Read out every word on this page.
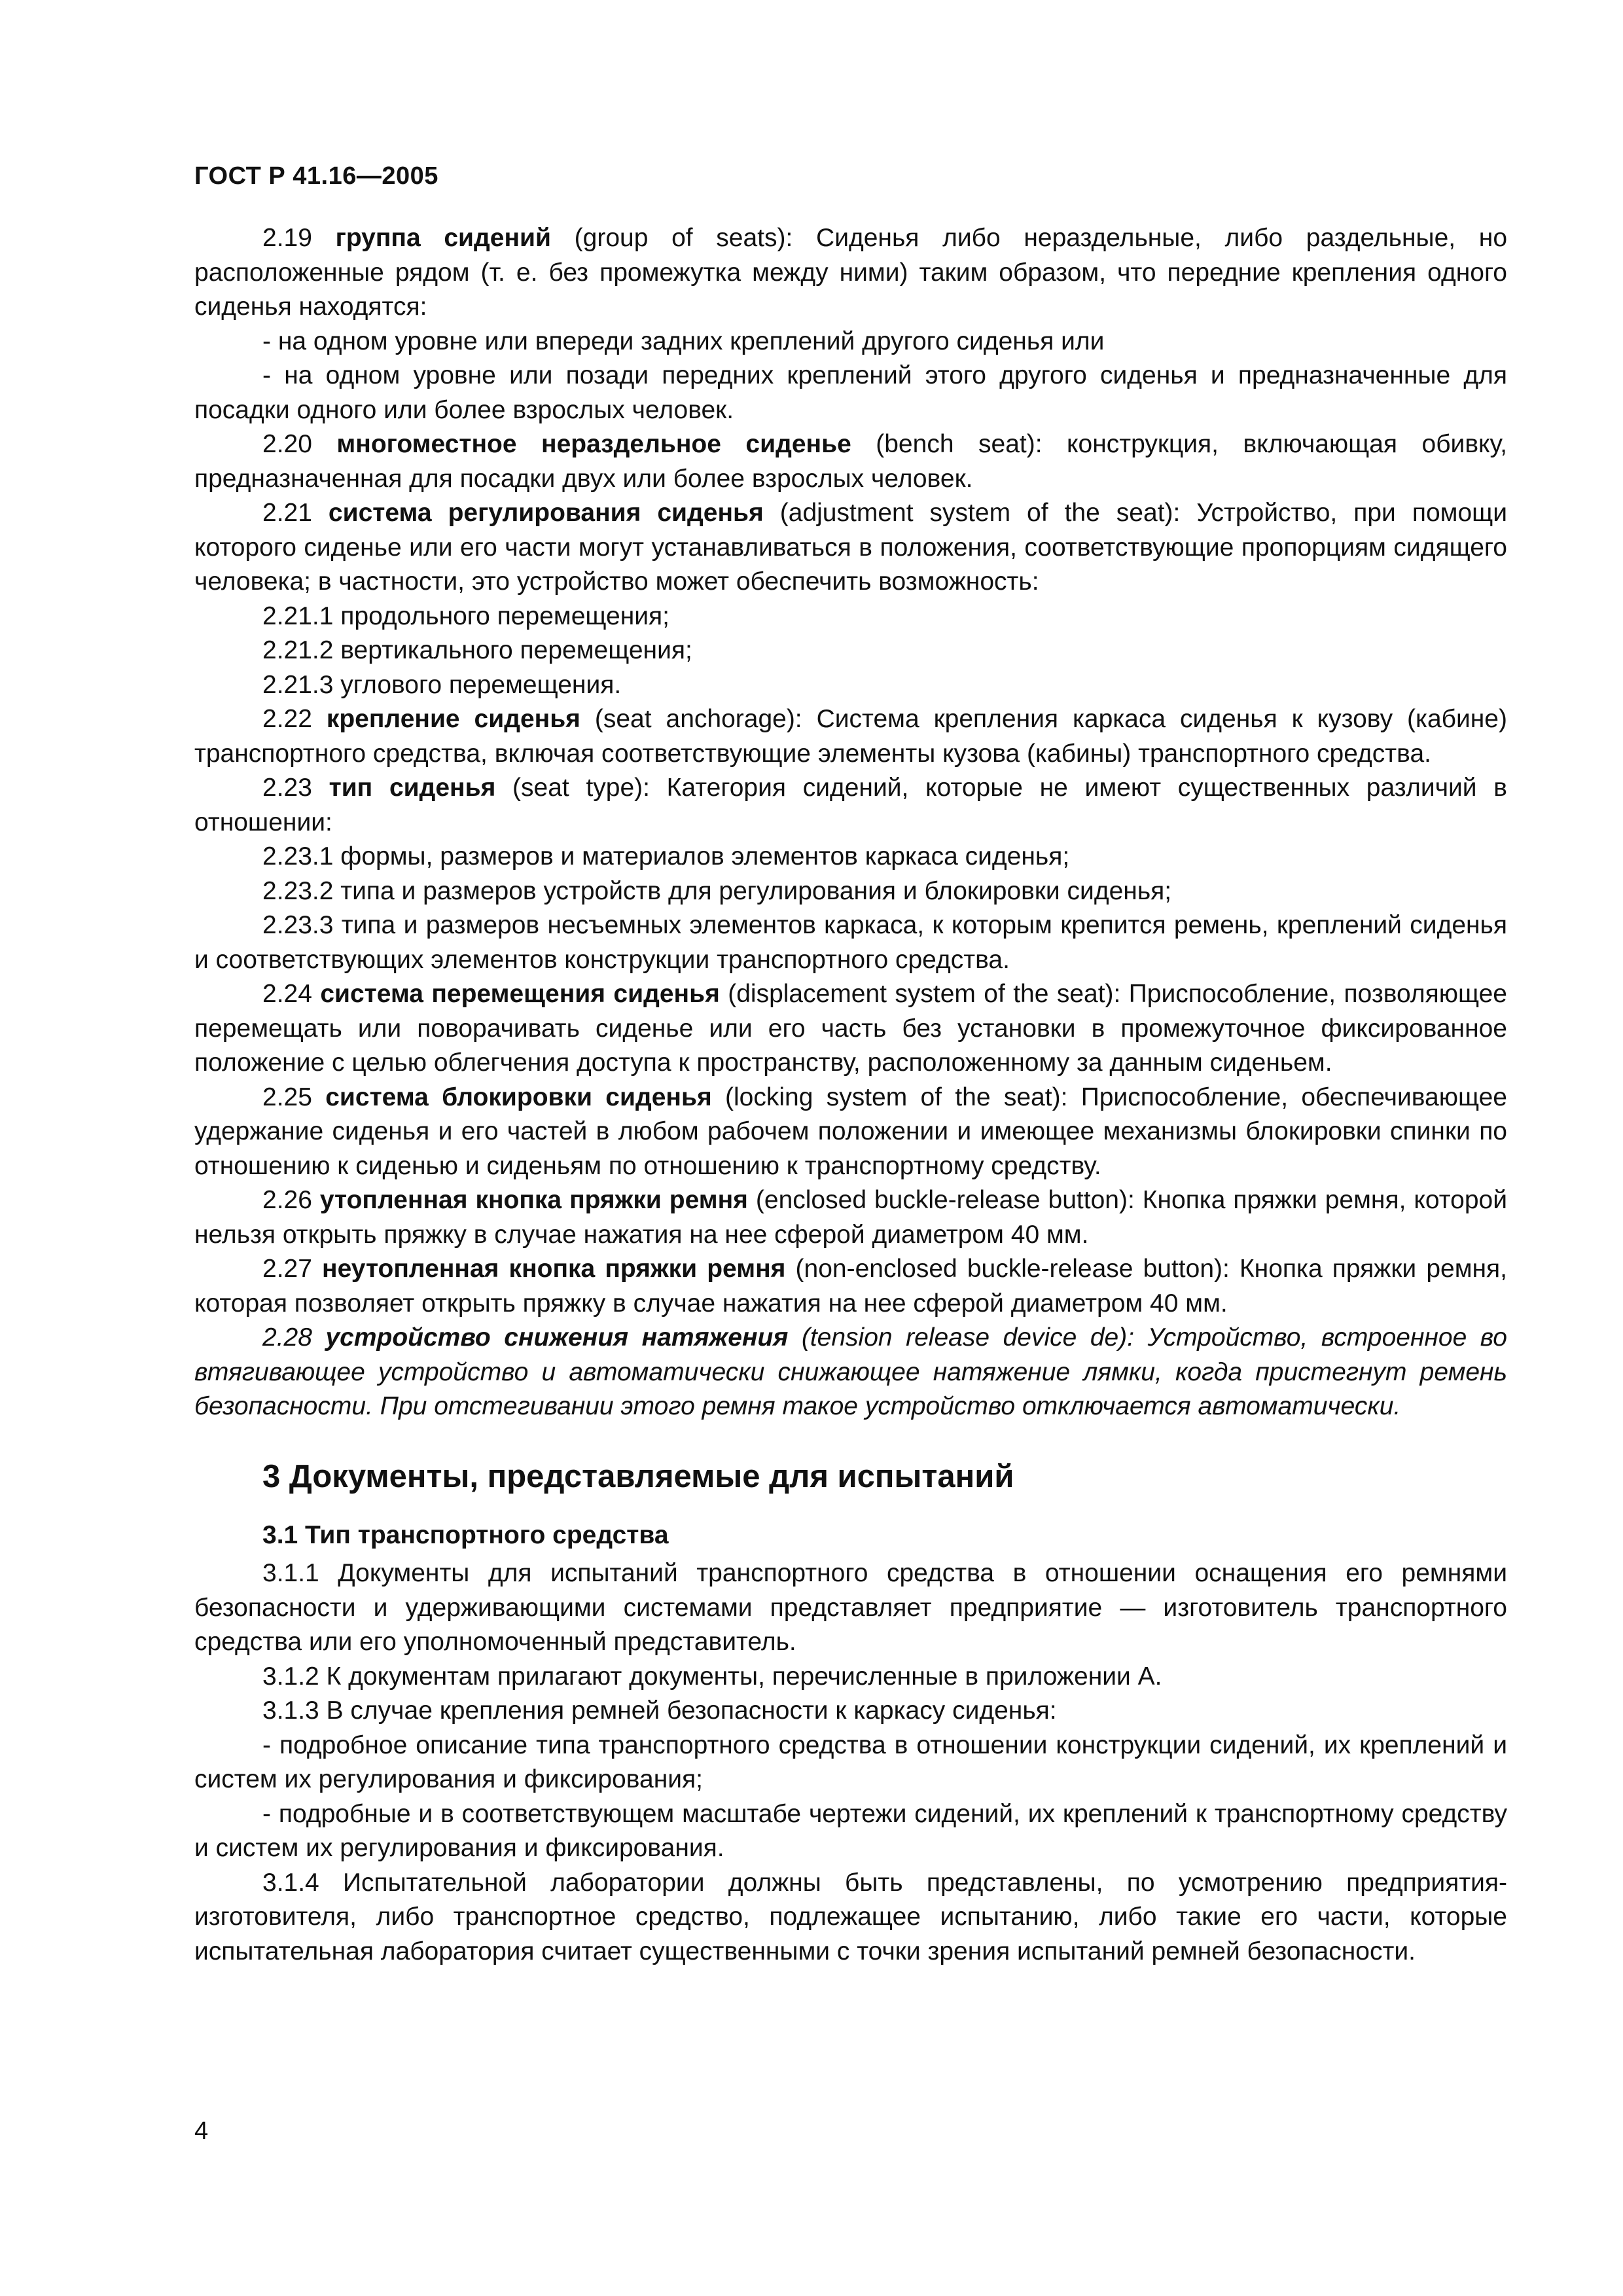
ГОСТ Р 41.16—2005

2.19 группа сидений (group of seats): Сиденья либо нераздельные, либо раздельные, но расположенные рядом (т. е. без промежутка между ними) таким образом, что передние крепления одного сиденья находятся:

- на одном уровне или впереди задних креплений другого сиденья или

- на одном уровне или позади передних креплений этого другого сиденья и предназначенные для посадки одного или более взрослых человек.

2.20 многоместное нераздельное сиденье (bench seat): конструкция, включающая обивку, предназначенная для посадки двух или более взрослых человек.

2.21 система регулирования сиденья (adjustment system of the seat): Устройство, при помощи которого сиденье или его части могут устанавливаться в положения, соответствующие пропорциям сидящего человека; в частности, это устройство может обеспечить возможность:

2.21.1 продольного перемещения;

2.21.2 вертикального перемещения;

2.21.3 углового перемещения.

2.22 крепление сиденья (seat anchorage): Система крепления каркаса сиденья к кузову (кабине) транспортного средства, включая соответствующие элементы кузова (кабины) транспортного средства.

2.23 тип сиденья (seat type): Категория сидений, которые не имеют существенных различий в отношении:

2.23.1 формы, размеров и материалов элементов каркаса сиденья;

2.23.2 типа и размеров устройств для регулирования и блокировки сиденья;

2.23.3 типа и размеров несъемных элементов каркаса, к которым крепится ремень, креплений сиденья и соответствующих элементов конструкции транспортного средства.

2.24 система перемещения сиденья (displacement system of the seat): Приспособление, позволяющее перемещать или поворачивать сиденье или его часть без установки в промежуточное фиксированное положение с целью облегчения доступа к пространству, расположенному за данным сиденьем.

2.25 система блокировки сиденья (locking system of the seat): Приспособление, обеспечивающее удержание сиденья и его частей в любом рабочем положении и имеющее механизмы блокировки спинки по отношению к сиденью и сиденьям по отношению к транспортному средству.

2.26 утопленная кнопка пряжки ремня (enclosed buckle-release button): Кнопка пряжки ремня, которой нельзя открыть пряжку в случае нажатия на нее сферой диаметром 40 мм.

2.27 неутопленная кнопка пряжки ремня (non-enclosed buckle-release button): Кнопка пряжки ремня, которая позволяет открыть пряжку в случае нажатия на нее сферой диаметром 40 мм.

2.28 устройство снижения натяжения (tension release device de): Устройство, встроенное во втягивающее устройство и автоматически снижающее натяжение лямки, когда пристегнут ремень безопасности. При отстегивании этого ремня такое устройство отключается автоматически.

3 Документы, представляемые для испытаний

3.1 Тип транспортного средства

3.1.1 Документы для испытаний транспортного средства в отношении оснащения его ремнями безопасности и удерживающими системами представляет предприятие — изготовитель транспортного средства или его уполномоченный представитель.

3.1.2 К документам прилагают документы, перечисленные в приложении А.

3.1.3 В случае крепления ремней безопасности к каркасу сиденья:

- подробное описание типа транспортного средства в отношении конструкции сидений, их креплений и систем их регулирования и фиксирования;

- подробные и в соответствующем масштабе чертежи сидений, их креплений к транспортному средству и систем их регулирования и фиксирования.

3.1.4 Испытательной лаборатории должны быть представлены, по усмотрению предприятия-изготовителя, либо транспортное средство, подлежащее испытанию, либо такие его части, которые испытательная лаборатория считает существенными с точки зрения испытаний ремней безопасности.

4
